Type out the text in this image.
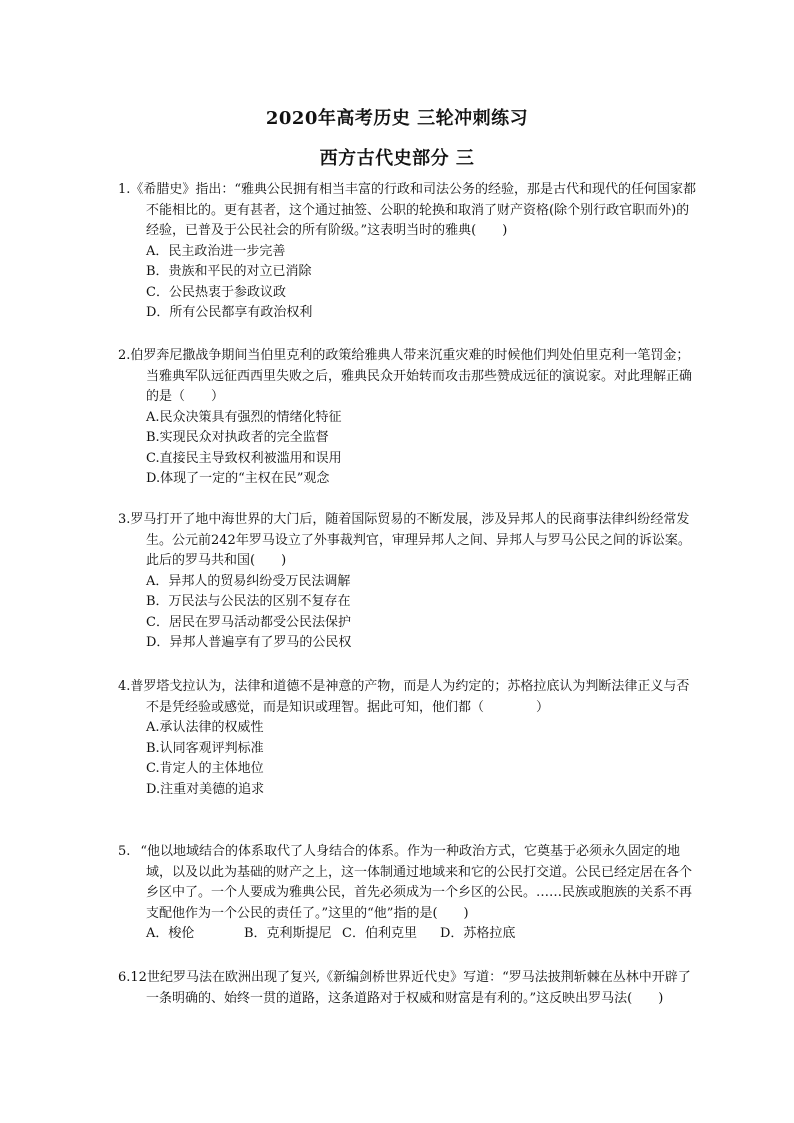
2020年高考历史 三轮冲刺练习
西方古代史部分 三

1.《希腊史》指出：“雅典公民拥有相当丰富的行政和司法公务的经验，那是古代和现代的任何国家都不能相比的。更有甚者，这个通过抽签、公职的轮换和取消了财产资格(除个别行政官职而外)的经验，已普及于公民社会的所有阶级。”这表明当时的雅典(　　)

A．民主政治进一步完善
B．贵族和平民的对立已消除
C．公民热衷于参政议政
D．所有公民都享有政治权利

2.伯罗奔尼撒战争期间当伯里克利的政策给雅典人带来沉重灾难的时候他们判处伯里克利一笔罚金；当雅典军队远征西西里失败之后，雅典民众开始转而攻击那些赞成远征的演说家。对此理解正确的是（　　）

A.民众决策具有强烈的情绪化特征
B.实现民众对执政者的完全监督
C.直接民主导致权利被滥用和误用
D.体现了一定的“主权在民”观念

3.罗马打开了地中海世界的大门后，随着国际贸易的不断发展，涉及异邦人的民商事法律纠纷经常发生。公元前242年罗马设立了外事裁判官，审理异邦人之间、异邦人与罗马公民之间的诉讼案。此后的罗马共和国(　　)

A．异邦人的贸易纠纷受万民法调解
B．万民法与公民法的区别不复存在
C．居民在罗马活动都受公民法保护
D．异邦人普遍享有了罗马的公民权

4.普罗塔戈拉认为，法律和道德不是神意的产物，而是人为约定的；苏格拉底认为判断法律正义与否不是凭经验或感觉，而是知识或理智。据此可知，他们都（　　　　）

A.承认法律的权威性
B.认同客观评判标准
C.肯定人的主体地位
D.注重对美德的追求

5. “他以地域结合的体系取代了人身结合的体系。作为一种政治方式，它奠基于必须永久固定的地域，以及以此为基础的财产之上，这一体制通过地域来和它的公民打交道。公民已经定居在各个乡区中了。一个人要成为雅典公民，首先必须成为一个乡区的公民。……民族或胞族的关系不再支配他作为一个公民的责任了。”这里的“他”指的是(　　)

A．梭伦	B．克利斯提尼 C．伯利克里	D．苏格拉底

6.12世纪罗马法在欧洲出现了复兴,《新编剑桥世界近代史》写道：“罗马法披荆斩棘在丛林中开辟了一条明确的、始终一贯的道路，这条道路对于权威和财富是有利的。”这反映出罗马法(　　)
